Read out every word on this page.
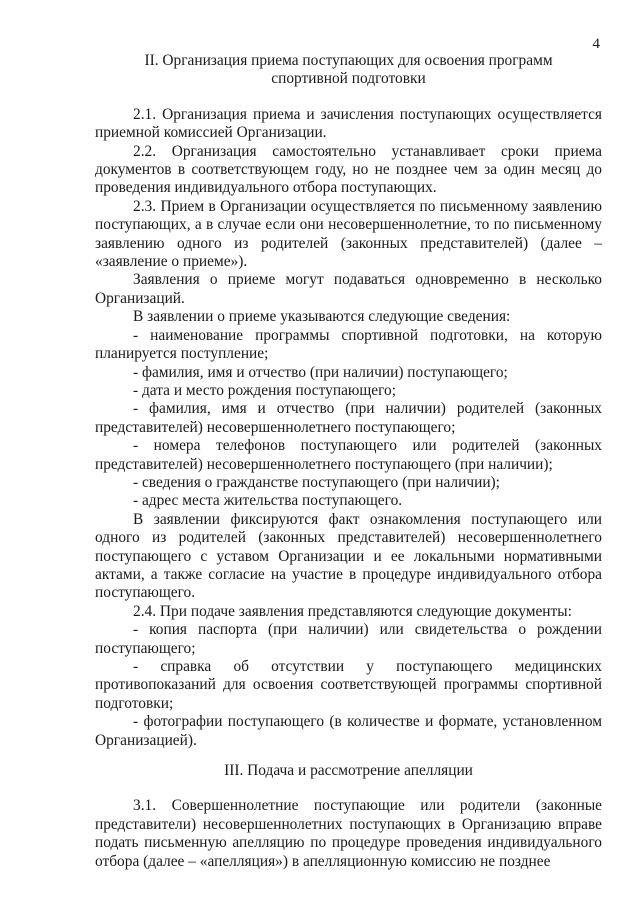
4
II. Организация приема поступающих для освоения программ
спортивной подготовки

2.1. Организация приема и зачисления поступающих осуществляется приемной комиссией Организации.

2.2. Организация самостоятельно устанавливает сроки приема документов в соответствующем году, но не позднее чем за один месяц до проведения индивидуального отбора поступающих.

2.3. Прием в Организации осуществляется по письменному заявлению поступающих, а в случае если они несовершеннолетние, то по письменному заявлению одного из родителей (законных представителей) (далее – «заявление о приеме»).

Заявления о приеме могут подаваться одновременно в несколько Организаций.

В заявлении о приеме указываются следующие сведения:

- наименование программы спортивной подготовки, на которую планируется поступление;

- фамилия, имя и отчество (при наличии) поступающего;

- дата и место рождения поступающего;

- фамилия, имя и отчество (при наличии) родителей (законных представителей) несовершеннолетнего поступающего;

- номера телефонов поступающего или родителей (законных представителей) несовершеннолетнего поступающего (при наличии);

- сведения о гражданстве поступающего (при наличии);

- адрес места жительства поступающего.

В заявлении фиксируются факт ознакомления поступающего или одного из родителей (законных представителей) несовершеннолетнего поступающего с уставом Организации и ее локальными нормативными актами, а также согласие на участие в процедуре индивидуального отбора поступающего.

2.4. При подаче заявления представляются следующие документы:

- копия паспорта (при наличии) или свидетельства о рождении поступающего;

- справка об отсутствии у поступающего медицинских противопоказаний для освоения соответствующей программы спортивной подготовки;

- фотографии поступающего (в количестве и формате, установленном Организацией).

III. Подача и рассмотрение апелляции

3.1. Совершеннолетние поступающие или родители (законные представители) несовершеннолетних поступающих в Организацию вправе подать письменную апелляцию по процедуре проведения индивидуального отбора (далее – «апелляция») в апелляционную комиссию не позднее
